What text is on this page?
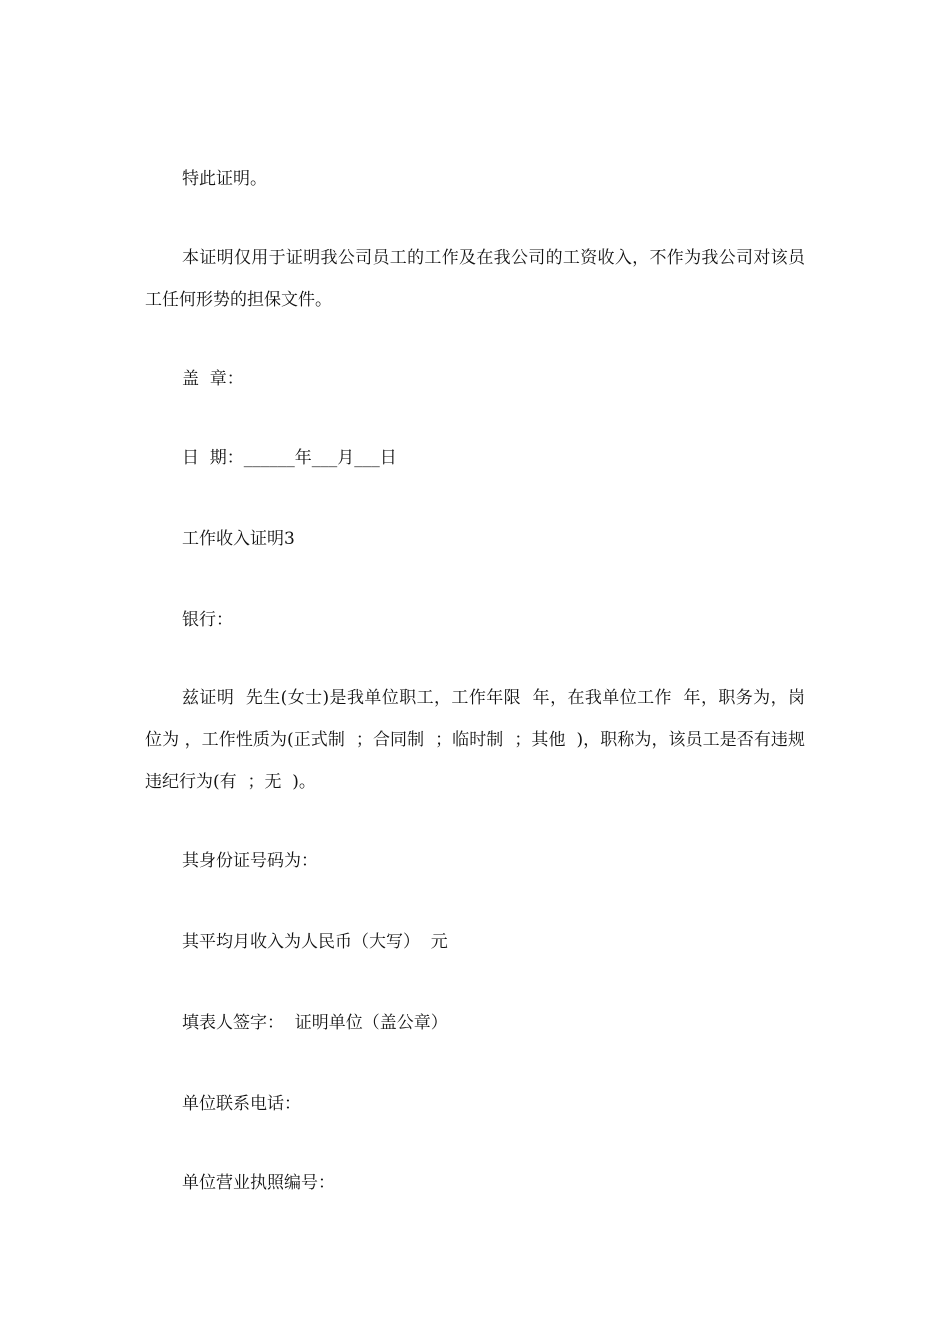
特此证明。

本证明仅用于证明我公司员工的工作及在我公司的工资收入，不作为我公司对该员工任何形势的担保文件。

盖  章：

日  期：______年___月___日

工作收入证明3

银行：

兹证明  先生(女士)是我单位职工，工作年限  年，在我单位工作  年，职务为，岗位为 ，工作性质为(正式制  ；合同制  ；临时制  ；其他  )，职称为，该员工是否有违规违纪行为(有  ；无  )。

其身份证号码为：

其平均月收入为人民币（大写）  元

填表人签字：  证明单位（盖公章）

单位联系电话：

单位营业执照编号：
